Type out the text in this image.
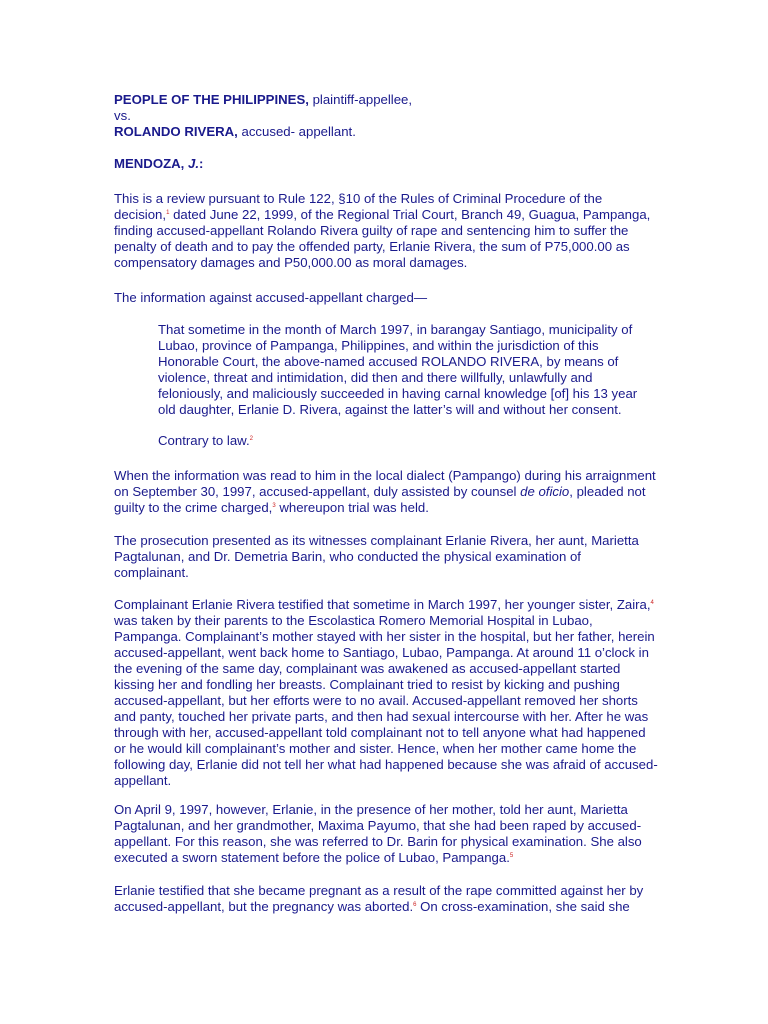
PEOPLE OF THE PHILIPPINES, plaintiff-appellee,
vs.
ROLANDO RIVERA, accused- appellant.

MENDOZA, J.:

This is a review pursuant to Rule 122, §10 of the Rules of Criminal Procedure of the decision,$^1$ dated June 22, 1999, of the Regional Trial Court, Branch 49, Guagua, Pampanga, finding accused-appellant Rolando Rivera guilty of rape and sentencing him to suffer the penalty of death and to pay the offended party, Erlanie Rivera, the sum of P75,000.00 as compensatory damages and P50,000.00 as moral damages.

The information against accused-appellant charged—

That sometime in the month of March 1997, in barangay Santiago, municipality of Lubao, province of Pampanga, Philippines, and within the jurisdiction of this Honorable Court, the above-named accused ROLANDO RIVERA, by means of violence, threat and intimidation, did then and there willfully, unlawfully and feloniously, and maliciously succeeded in having carnal knowledge [of] his 13 year old daughter, Erlanie D. Rivera, against the latter’s will and without her consent.

Contrary to law.$^2$

When the information was read to him in the local dialect (Pampango) during his arraignment on September 30, 1997, accused-appellant, duly assisted by counsel de oficio, pleaded not guilty to the crime charged,$^3$ whereupon trial was held.

The prosecution presented as its witnesses complainant Erlanie Rivera, her aunt, Marietta Pagtalunan, and Dr. Demetria Barin, who conducted the physical examination of complainant.

Complainant Erlanie Rivera testified that sometime in March 1997, her younger sister, Zaira,$^4$ was taken by their parents to the Escolastica Romero Memorial Hospital in Lubao, Pampanga. Complainant’s mother stayed with her sister in the hospital, but her father, herein accused-appellant, went back home to Santiago, Lubao, Pampanga. At around 11 o’clock in the evening of the same day, complainant was awakened as accused-appellant started kissing her and fondling her breasts. Complainant tried to resist by kicking and pushing accused-appellant, but her efforts were to no avail. Accused-appellant removed her shorts and panty, touched her private parts, and then had sexual intercourse with her. After he was through with her, accused-appellant told complainant not to tell anyone what had happened or he would kill complainant’s mother and sister. Hence, when her mother came home the following day, Erlanie did not tell her what had happened because she was afraid of accused-appellant.

On April 9, 1997, however, Erlanie, in the presence of her mother, told her aunt, Marietta Pagtalunan, and her grandmother, Maxima Payumo, that she had been raped by accused-appellant. For this reason, she was referred to Dr. Barin for physical examination. She also executed a sworn statement before the police of Lubao, Pampanga.$^5$

Erlanie testified that she became pregnant as a result of the rape committed against her by accused-appellant, but the pregnancy was aborted.$^6$ On cross-examination, she said she
